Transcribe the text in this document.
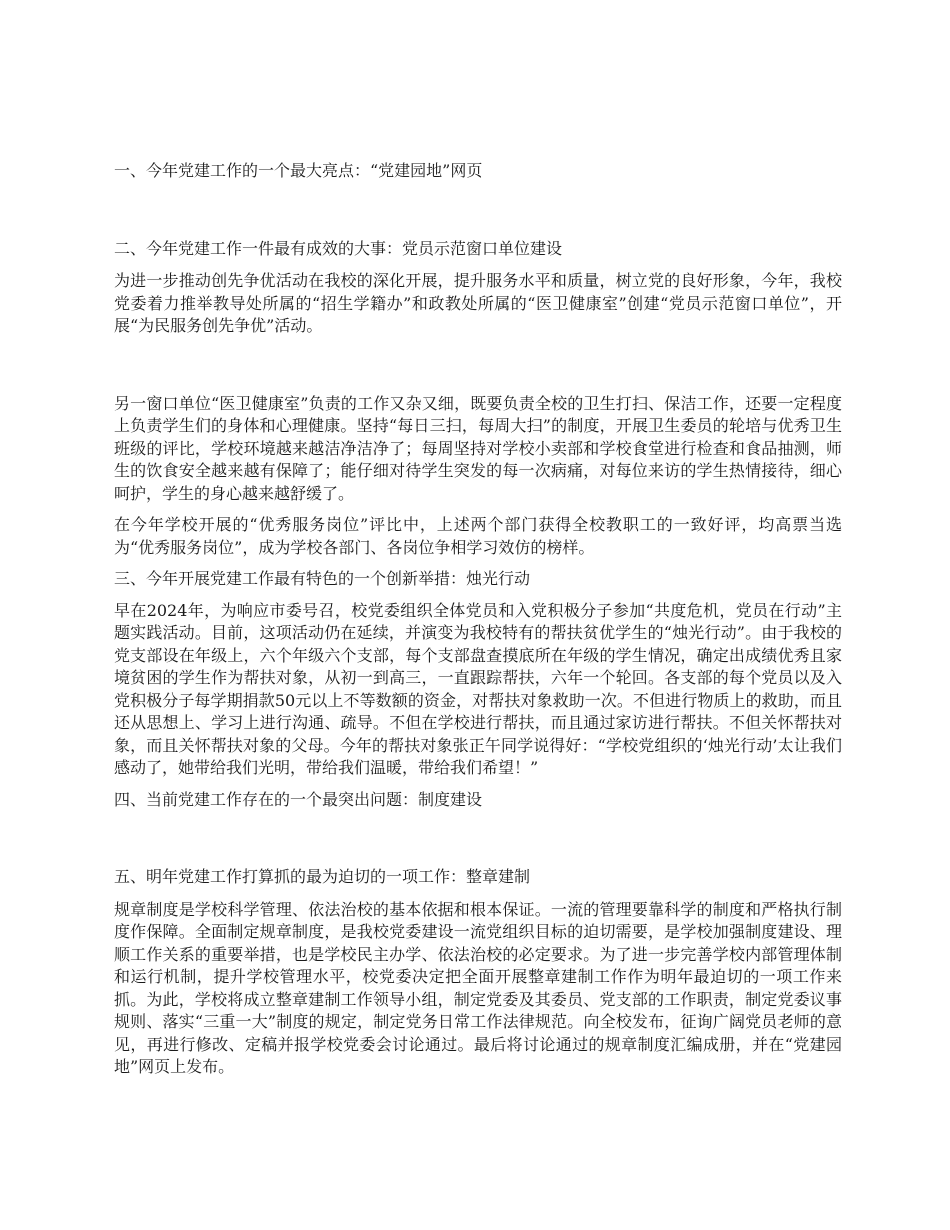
一、今年党建工作的一个最大亮点：“党建园地”网页

二、今年党建工作一件最有成效的大事：党员示范窗口单位建设

为进一步推动创先争优活动在我校的深化开展，提升服务水平和质量，树立党的良好形象，今年，我校党委着力推举教导处所属的“招生学籍办”和政教处所属的“医卫健康室”创建“党员示范窗口单位”，开展“为民服务创先争优”活动。

另一窗口单位“医卫健康室”负责的工作又杂又细，既要负责全校的卫生打扫、保洁工作，还要一定程度上负责学生们的身体和心理健康。坚持“每日三扫，每周大扫”的制度，开展卫生委员的轮培与优秀卫生班级的评比，学校环境越来越洁净洁净了；每周坚持对学校小卖部和学校食堂进行检查和食品抽测，师生的饮食安全越来越有保障了；能仔细对待学生突发的每一次病痛，对每位来访的学生热情接待，细心呵护，学生的身心越来越舒缓了。

在今年学校开展的“优秀服务岗位”评比中，上述两个部门获得全校教职工的一致好评，均高票当选为“优秀服务岗位”，成为学校各部门、各岗位争相学习效仿的榜样。

三、今年开展党建工作最有特色的一个创新举措：烛光行动

早在2024年，为响应市委号召，校党委组织全体党员和入党积极分子参加“共度危机，党员在行动”主题实践活动。目前，这项活动仍在延续，并演变为我校特有的帮扶贫优学生的“烛光行动”。由于我校的党支部设在年级上，六个年级六个支部，每个支部盘查摸底所在年级的学生情况，确定出成绩优秀且家境贫困的学生作为帮扶对象，从初一到高三，一直跟踪帮扶，六年一个轮回。各支部的每个党员以及入党积极分子每学期捐款50元以上不等数额的资金，对帮扶对象救助一次。不但进行物质上的救助，而且还从思想上、学习上进行沟通、疏导。不但在学校进行帮扶，而且通过家访进行帮扶。不但关怀帮扶对象，而且关怀帮扶对象的父母。今年的帮扶对象张正午同学说得好：“学校党组织的‘烛光行动’太让我们感动了，她带给我们光明，带给我们温暖，带给我们希望！”

四、当前党建工作存在的一个最突出问题：制度建设

五、明年党建工作打算抓的最为迫切的一项工作：整章建制

规章制度是学校科学管理、依法治校的基本依据和根本保证。一流的管理要靠科学的制度和严格执行制度作保障。全面制定规章制度，是我校党委建设一流党组织目标的迫切需要，是学校加强制度建设、理顺工作关系的重要举措，也是学校民主办学、依法治校的必定要求。为了进一步完善学校内部管理体制和运行机制，提升学校管理水平，校党委决定把全面开展整章建制工作作为明年最迫切的一项工作来抓。为此，学校将成立整章建制工作领导小组，制定党委及其委员、党支部的工作职责，制定党委议事规则、落实“三重一大”制度的规定，制定党务日常工作法律规范。向全校发布，征询广阔党员老师的意见，再进行修改、定稿并报学校党委会讨论通过。最后将讨论通过的规章制度汇编成册，并在“党建园地”网页上发布。
